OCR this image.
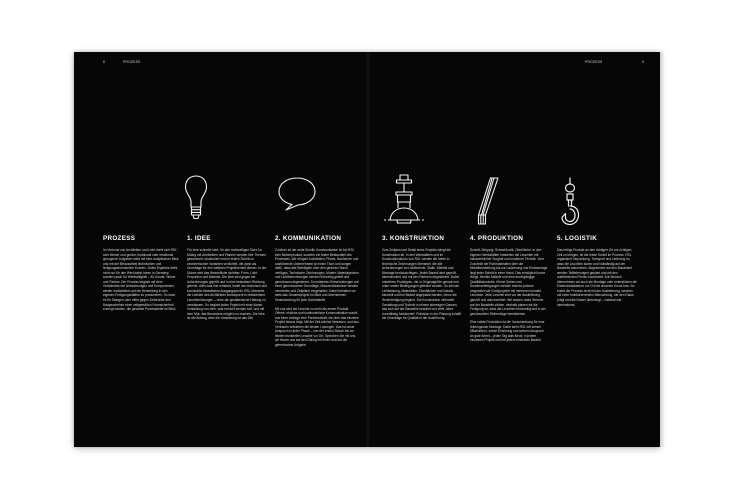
8	PROZESS	PROZESS	9
PROZESS

Im Verbund von Architektur und Licht dreht sich RSL' sehr kleiner und großer, funktional oder emotional gezogener Aufgaben stets mit dem analytischen Blick und mit der Bewusstheit technischen und fertigungstechnischen Konnex. Jedes Ergebnis steht nicht nur für den Wert dabei Ideen in Germany, sondern auch für Werthaltigkeit – für Kunde, Nutzer und Partner. Der Prozess beginnt mit dem Verständnis der Anforderungen und Komponenten, wieder maßstäblich auf die Herstellung in den eigenen Fertigungsstätten zu produzieren. So kann es für Stangen oder offen gegen Zeitdrücke den Baugeschehen einer zeitgemäßen Formsicherheit erzeugt werden, die gesamte Prozesskette im Blick.

1. IDEE

Für eine schnelle Idee, für den rechtzeitigen Start: Im Dialog mit Architekten und Planern werden ihre Themen gesammelt, strukturiert und im ersten Schritt zu zeichnerischen Varianten verdichtet, die dann als Grundlage für den weiteren Projektverlauf dienen. In der Skizze wird das Wesentliche sichtbar: Form, Licht, Proportion und Material. Die Idee wird gegen die Anforderungen geprüft und in eine belastbare Richtung gelenkt. Alles was hier entsteht, bildet den technisch und konstruktiv belastbaren Ausgangspunkt. RSL übersetzt die Leitidee des Architekten konsequent in realisierbare Leuchtenlösungen – ohne die gestalterische Haltung zu verwässern. So beginnt jedes Projekt mit einer klaren Vorstellung von dem, was erreicht werden soll, und mit dem Mut, das Besondere möglich zu machen. Die Idee ist der Anfang, aber die Umsetzung ist das Ziel.

2. KOMMUNIKATION

Zuhören ist der erste Schritt: Kommunikation ist bei RSL kein Nebenprodukt, sondern ein fester Bestandteil des Prozesses. Wir bringen Architekten, Planer, Bauherren und ausführende Unternehmen an einen Tisch und sorgen dafür, dass alle Beteiligten über den gleichen Stand verfügen. Technische Zeichnungen, Muster, Materialproben und Lichtberechnungen werden frühzeitig geteilt und gemeinsam abgestimmt. So entstehen Entscheidungen auf einer gemeinsamen Grundlage, Missverständnisse werden vermieden und Zeitpläne eingehalten. Dabei behalten wir stets das Gesamtprojekt im Blick und übernehmen Verantwortung für jede Schnittstelle.

Mit uns wird die Leuchte zu mehr als einem Produkt. Offene, ehrliche und kontinuierliche Kommunikation macht aus einer Anfrage eine Partnerschaft, die über das einzelne Projekt hinaus trägt. Mit der Zeit wächst Vertrauen, und aus Vertrauen entstehen die besten Lösungen. Das ist unser Anspruch in jeder Phase – von der ersten Skizze bis zur letzten montierten Leuchte vor Ort. Sprechen Sie mit uns, wir freuen uns auf den Dialog mit Ihnen und auf die gemeinsame Aufgabe.

3. KONSTRUKTION

Vom Zeitplan und Detail eines Projekts hängt die Konstruktion ab. In den Werkstätten und im Konstruktionsbüro von RSL werden die Ideen in technische Zeichnungen übersetzt, die alle Anforderungen an Lichttechnik, Statik, Elektrik und Montage berücksichtigen. Jedes Bauteil wird geprüft, dimensioniert und mit den Partnern abgestimmt. Dabei entstehen Prototypen, die in Originalgröße gebaut und unter realen Bedingungen getestet werden. So können Lichtwirkung, Materialien, Oberflächen und Details beurteilt und bei Bedarf angepasst werden, bevor die Serienfertigung beginnt. Die Konstruktion verbindet Gestaltung und Technik zu einem stimmigen Ganzen, das sich auf der Baustelle bewährt und viele Jahre zuverlässig funktioniert. Präzision in der Planung schafft die Grundlage für Qualität in der Ausführung.

4. PRODUKTION

Schnitt, Biegung, Schweißnaht, Oberfläche: In den eigenen Werkstätten entstehen die Leuchten mit handwerklicher Sorgfalt und moderner Technik. Vom Zuschnitt der Rohmaterialien über die Metallbearbeitung bis zur Lackierung und Endmontage liegt jeder Schritt in einer Hand. Das ermöglicht kurze Wege, flexible Abläufe und eine durchgängige Qualitätskontrolle. Kleine Serien und Sonderanfertigungen werden ebenso präzise umgesetzt wie Großprojekte mit mehreren hundert Leuchten. Jede Leuchte wird vor der Auslieferung geprüft und dokumentiert. Wir wissen, dass Termine auf der Baustelle zählen, deshalb planen wir die Fertigung so, dass die Leuchten rechtzeitig und in der gewünschten Reihenfolge bereitstehen.

Eine solide Produktion ist die Voraussetzung für eine reibungslose Montage. Dafür steht RSL mit seinen Mitarbeitern, seiner Erfahrung und seinem Anspruch an gute Arbeit – jeden Tag aufs Neue, in jedem einzelnen Projekt und bei jedem einzelnen Bauteil.

5. LOGISTIK

Das fertige Produkt an den richtigen Ort zur richtigen Zeit zu bringen, ist der letzte Schritt im Prozess. RSL organisiert Verpackung, Transport und Lieferung so, dass die Leuchten sicher und vollständig auf der Baustelle ankommen. Abgestimmt auf den Bauablauf werden Teillieferungen geplant und mit den ausführenden Firmen koordiniert. Auf Wunsch übernehmen wir auch die Montage oder unterstützen die Elektroinstallateure vor Ort mit unserem Know-how. So endet der Prozess nicht mit der Auslieferung, sondern mit einer funktionierenden Beleuchtung, die den Raum prägt und die Nutzer überzeugt – national wie international.
